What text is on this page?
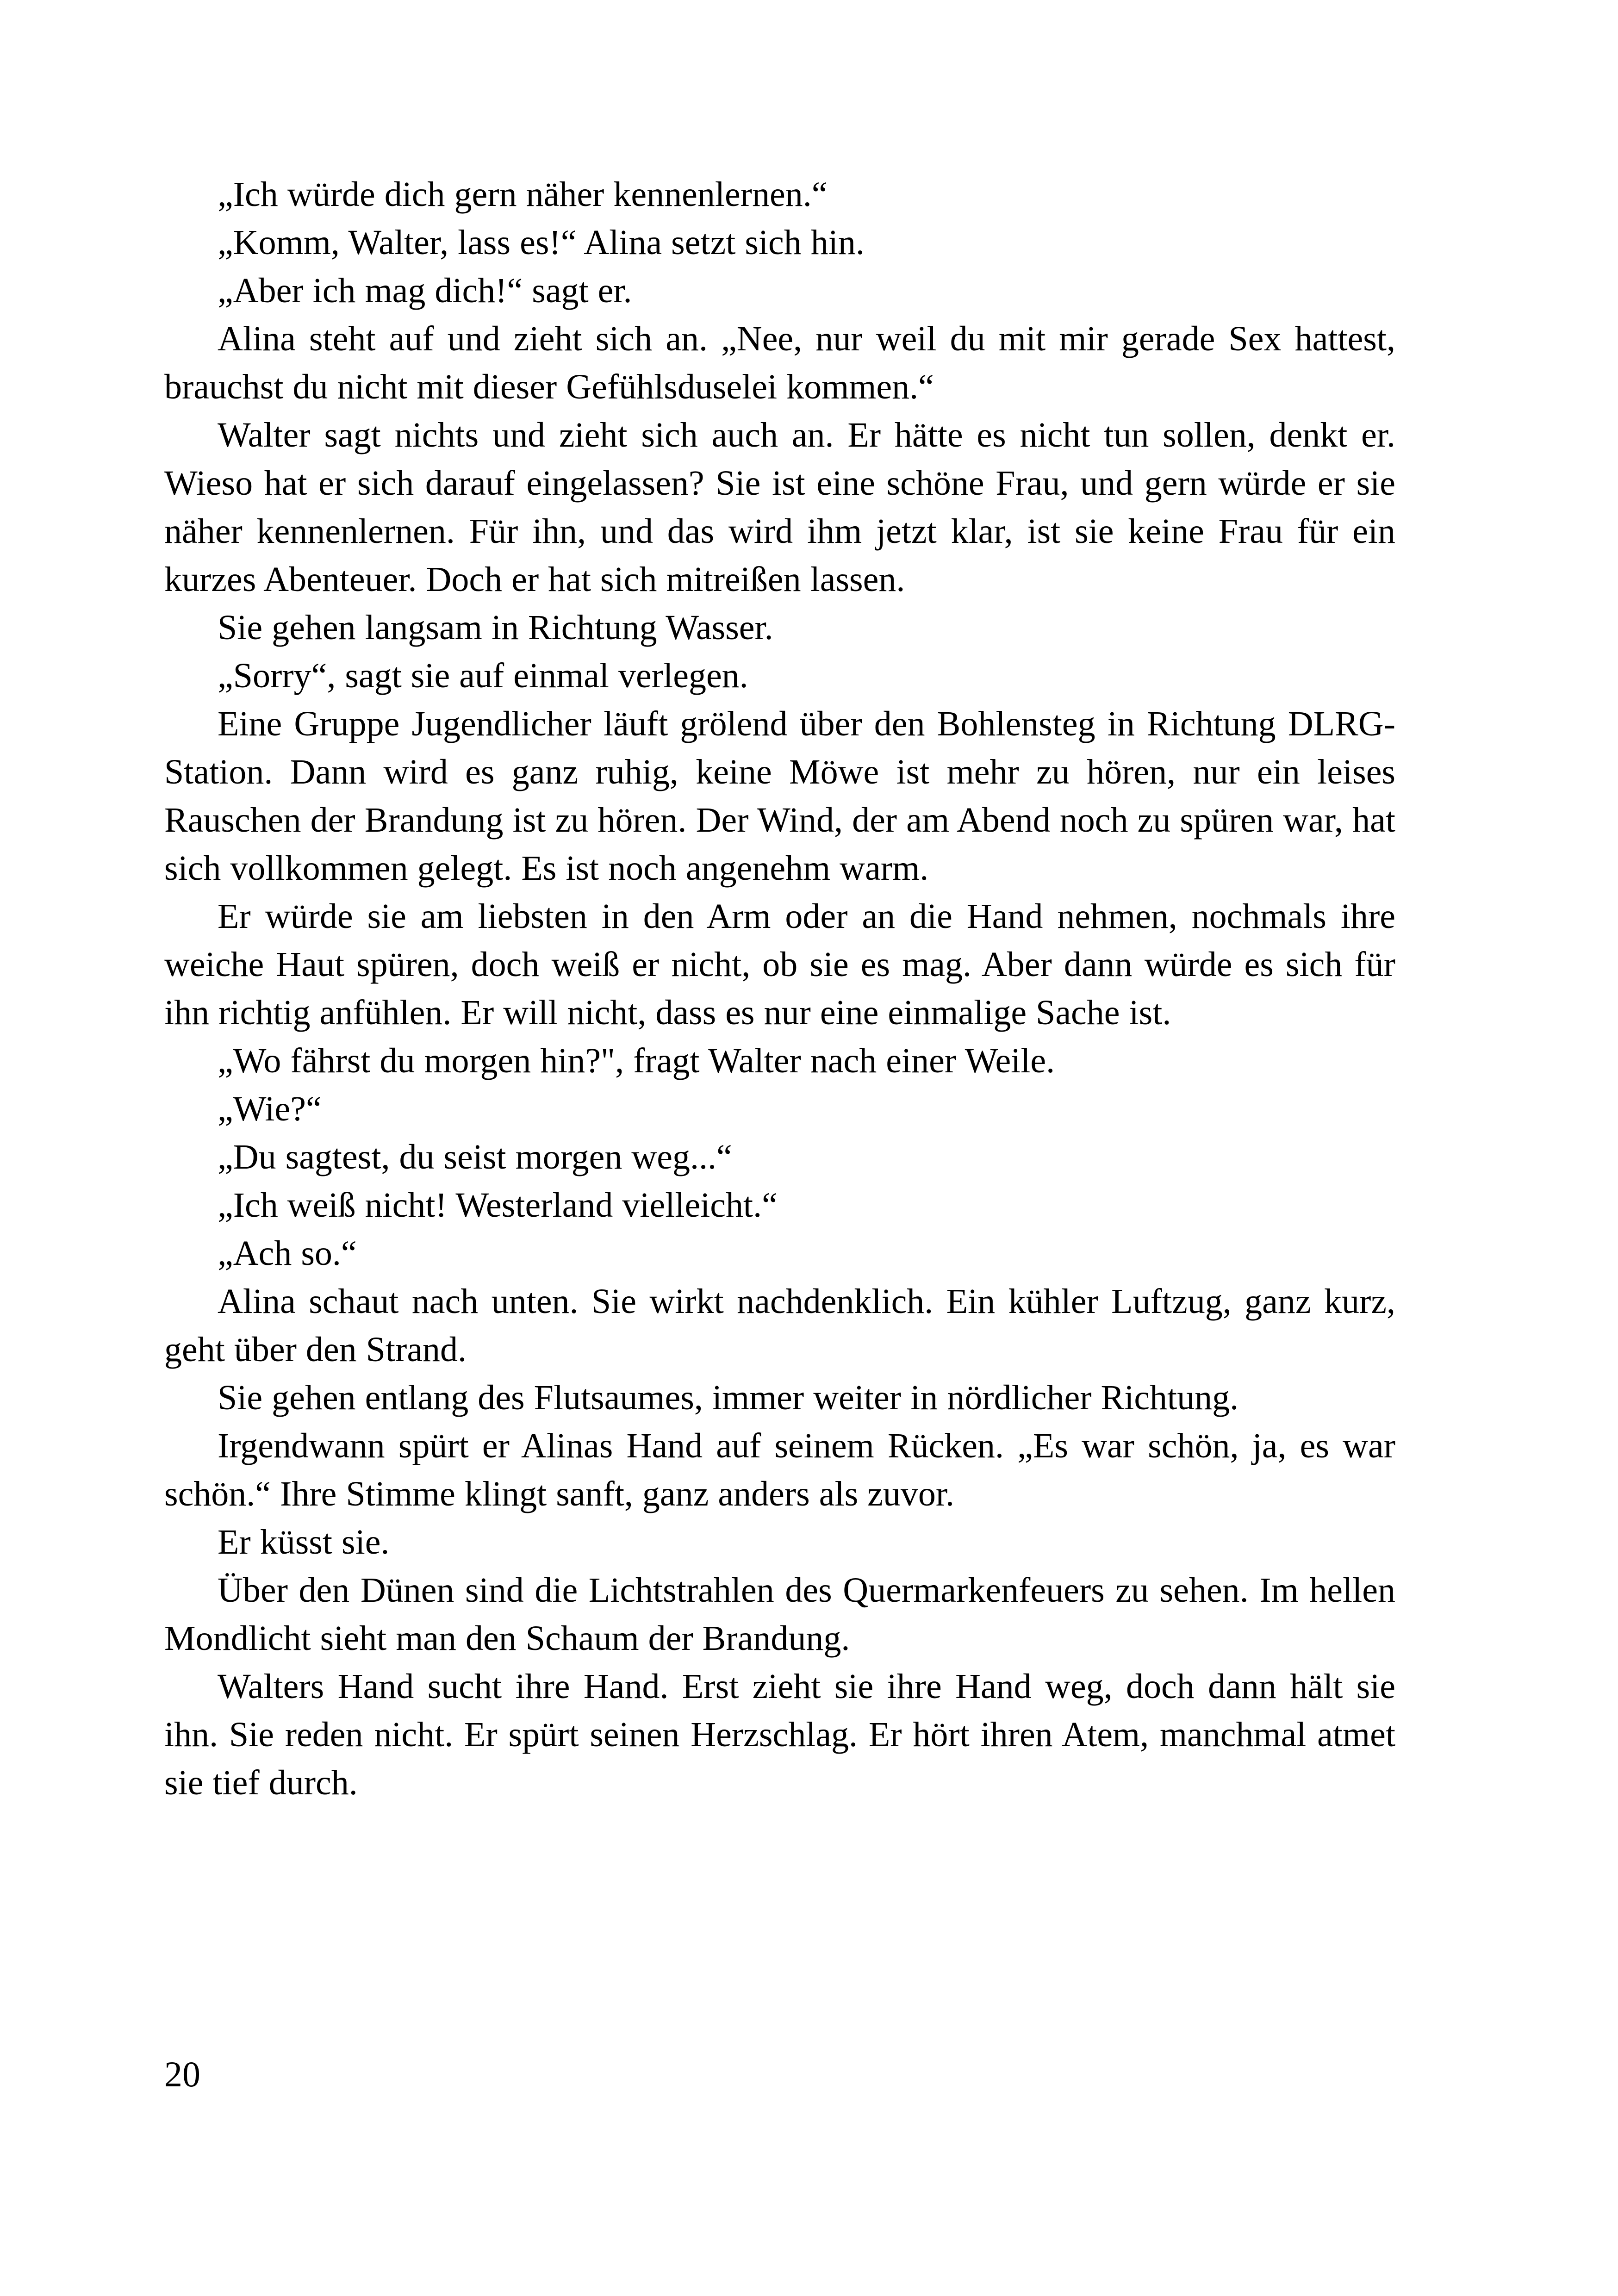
„Ich würde dich gern näher kennenlernen.“

„Komm, Walter, lass es!“ Alina setzt sich hin.

„Aber ich mag dich!“ sagt er.

Alina steht auf und zieht sich an. „Nee, nur weil du mit mir gerade Sex hattest, brauchst du nicht mit dieser Gefühlsduselei kommen.“

Walter sagt nichts und zieht sich auch an. Er hätte es nicht tun sollen, denkt er. Wieso hat er sich darauf eingelassen? Sie ist eine schöne Frau, und gern würde er sie näher kennenlernen. Für ihn, und das wird ihm jetzt klar, ist sie keine Frau für ein kurzes Abenteuer. Doch er hat sich mitreißen lassen.

Sie gehen langsam in Richtung Wasser.

„Sorry“, sagt sie auf einmal verlegen.

Eine Gruppe Jugendlicher läuft grölend über den Bohlensteg in Richtung DLRG-Station. Dann wird es ganz ruhig, keine Möwe ist mehr zu hören, nur ein leises Rauschen der Brandung ist zu hören. Der Wind, der am Abend noch zu spüren war, hat sich vollkommen gelegt. Es ist noch angenehm warm.

Er würde sie am liebsten in den Arm oder an die Hand nehmen, nochmals ihre weiche Haut spüren, doch weiß er nicht, ob sie es mag. Aber dann würde es sich für ihn richtig anfühlen. Er will nicht, dass es nur eine einmalige Sache ist.

„Wo fährst du morgen hin?", fragt Walter nach einer Weile.

„Wie?“

„Du sagtest, du seist morgen weg...“

„Ich weiß nicht! Westerland vielleicht.“

„Ach so.“

Alina schaut nach unten. Sie wirkt nachdenklich. Ein kühler Luftzug, ganz kurz, geht über den Strand.

Sie gehen entlang des Flutsaumes, immer weiter in nördlicher Richtung.

Irgendwann spürt er Alinas Hand auf seinem Rücken. „Es war schön, ja, es war schön.“ Ihre Stimme klingt sanft, ganz anders als zuvor.

Er küsst sie.

Über den Dünen sind die Lichtstrahlen des Quermarkenfeuers zu sehen. Im hellen Mondlicht sieht man den Schaum der Brandung.

Walters Hand sucht ihre Hand. Erst zieht sie ihre Hand weg, doch dann hält sie ihn. Sie reden nicht. Er spürt seinen Herzschlag. Er hört ihren Atem, manchmal atmet sie tief durch.

20
